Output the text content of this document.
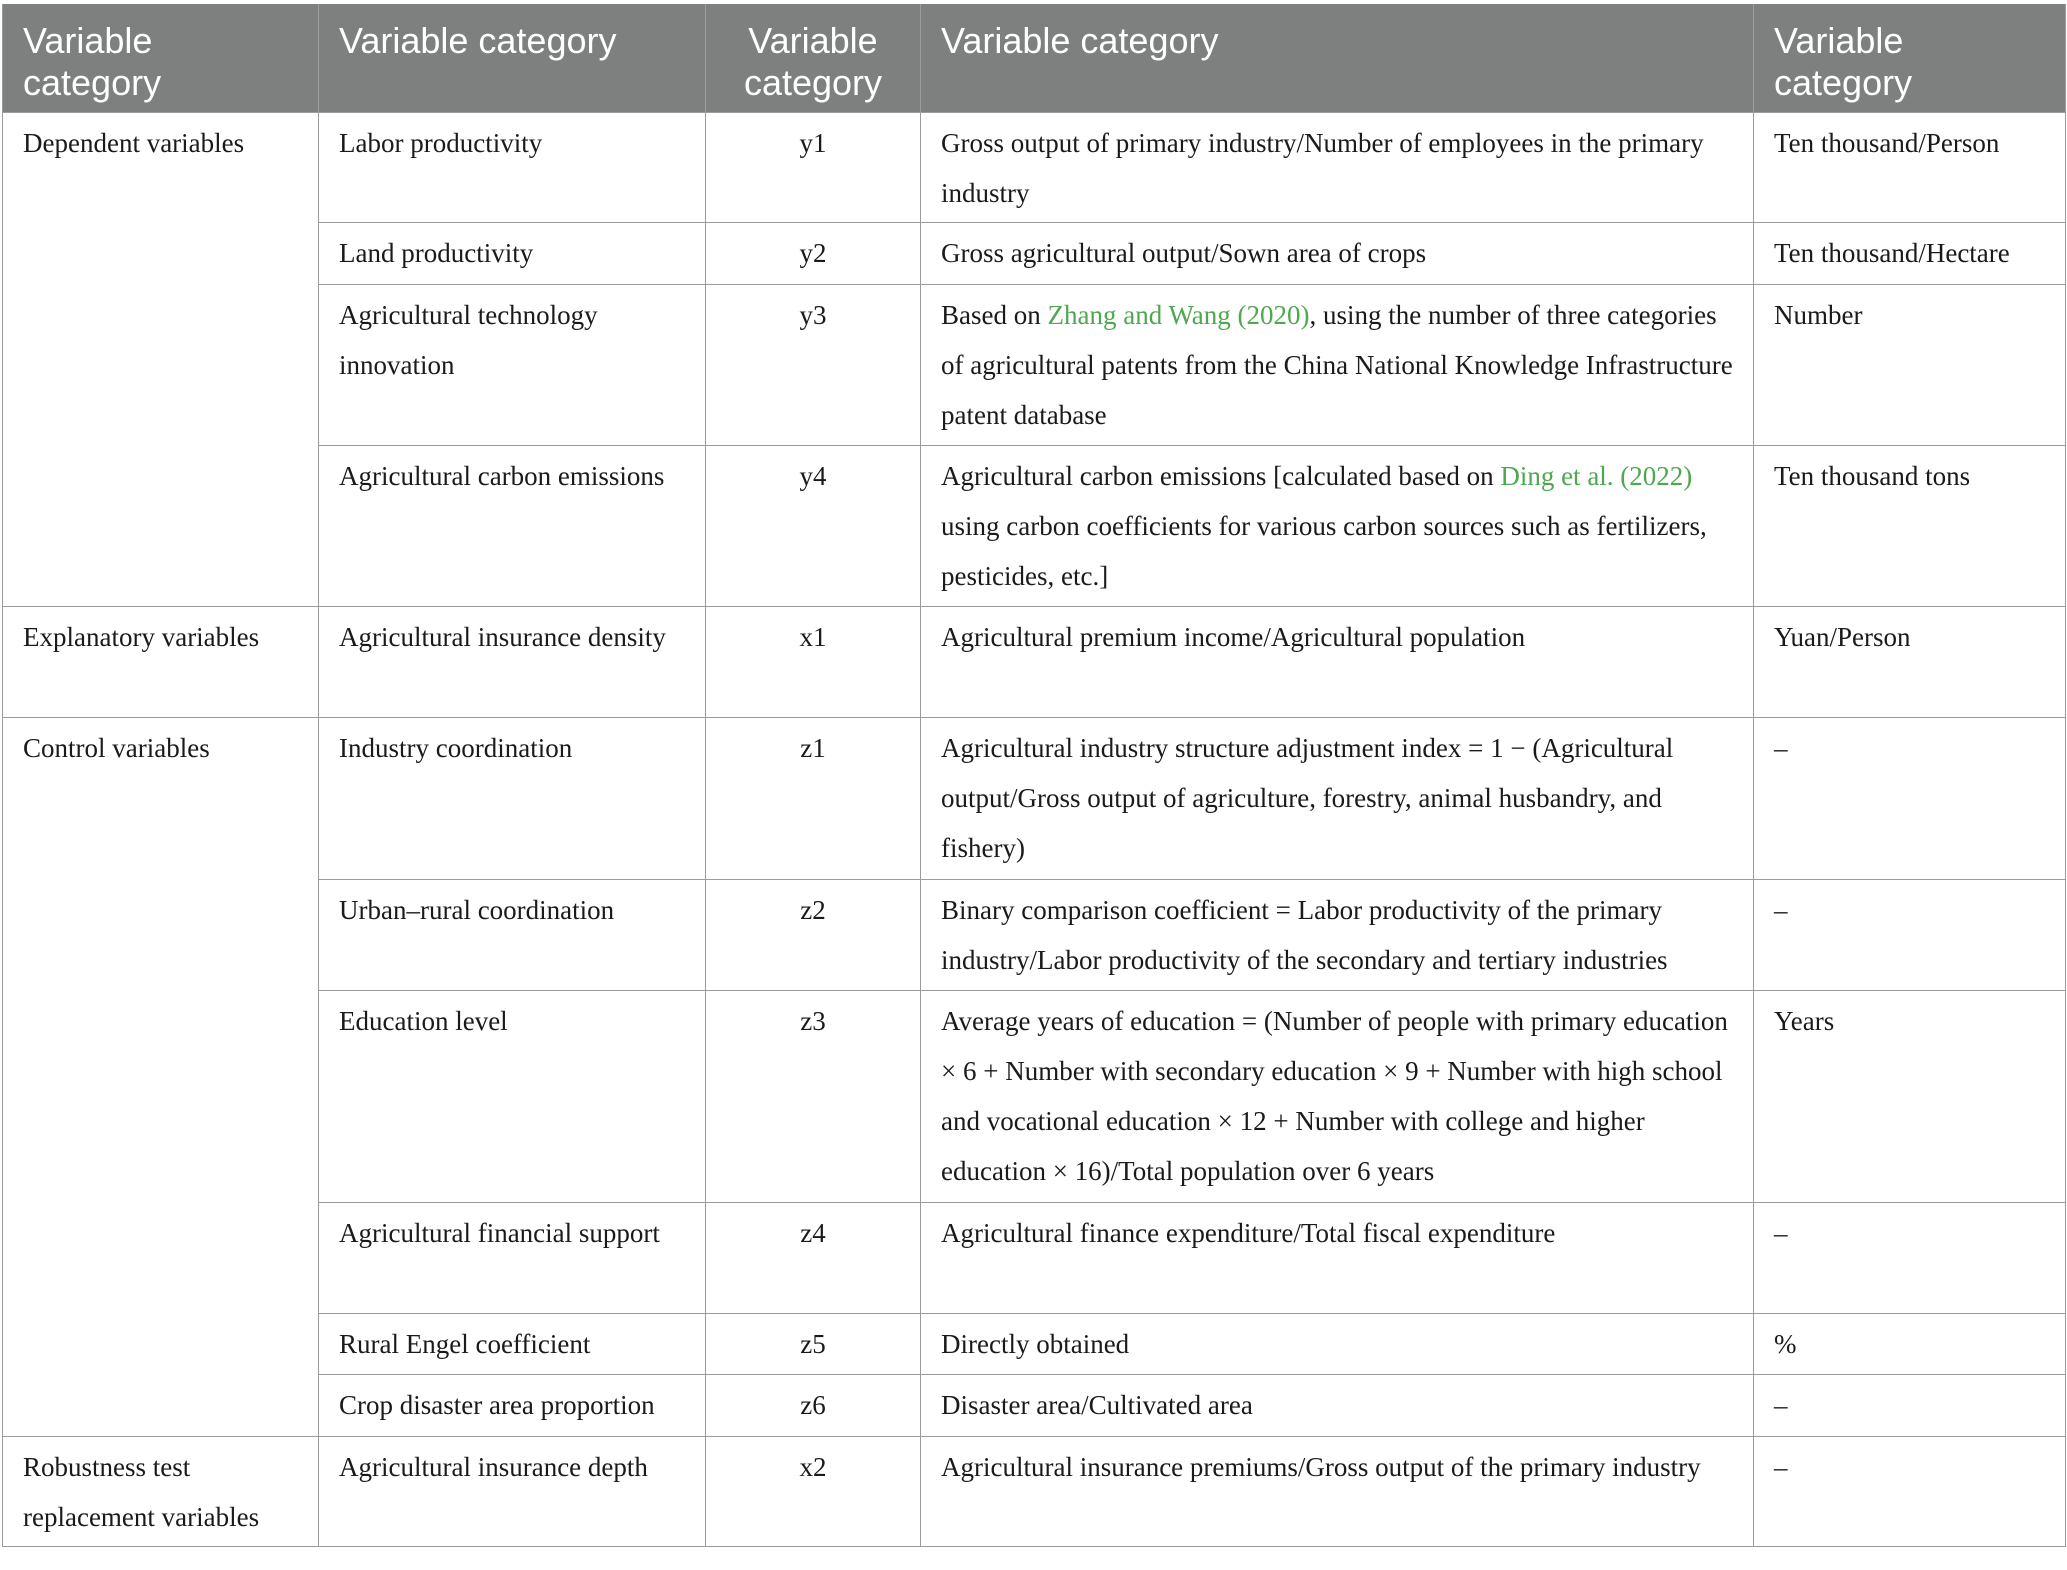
Variable category	Variable category	Variable category	Variable category	Variable category
Dependent variables	Labor productivity	y1	Gross output of primary industry/Number of employees in the primary industry	Ten thousand/Person
	Land productivity	y2	Gross agricultural output/Sown area of crops	Ten thousand/Hectare
	Agricultural technology innovation	y3	Based on Zhang and Wang (2020), using the number of three categories of agricultural patents from the China National Knowledge Infrastructure patent database	Number
	Agricultural carbon emissions	y4	Agricultural carbon emissions [calculated based on Ding et al. (2022) using carbon coefficients for various carbon sources such as fertilizers, pesticides, etc.]	Ten thousand tons
Explanatory variables	Agricultural insurance density	x1	Agricultural premium income/Agricultural population	Yuan/Person
Control variables	Industry coordination	z1	Agricultural industry structure adjustment index = 1 − (Agricultural output/Gross output of agriculture, forestry, animal husbandry, and fishery)	–
	Urban–rural coordination	z2	Binary comparison coefficient = Labor productivity of the primary industry/Labor productivity of the secondary and tertiary industries	–
	Education level	z3	Average years of education = (Number of people with primary education × 6 + Number with secondary education × 9 + Number with high school and vocational education × 12 + Number with college and higher education × 16)/Total population over 6 years	Years
	Agricultural financial support	z4	Agricultural finance expenditure/Total fiscal expenditure	–
	Rural Engel coefficient	z5	Directly obtained	%
	Crop disaster area proportion	z6	Disaster area/Cultivated area	–
Robustness test replacement variables	Agricultural insurance depth	x2	Agricultural insurance premiums/Gross output of the primary industry	–
